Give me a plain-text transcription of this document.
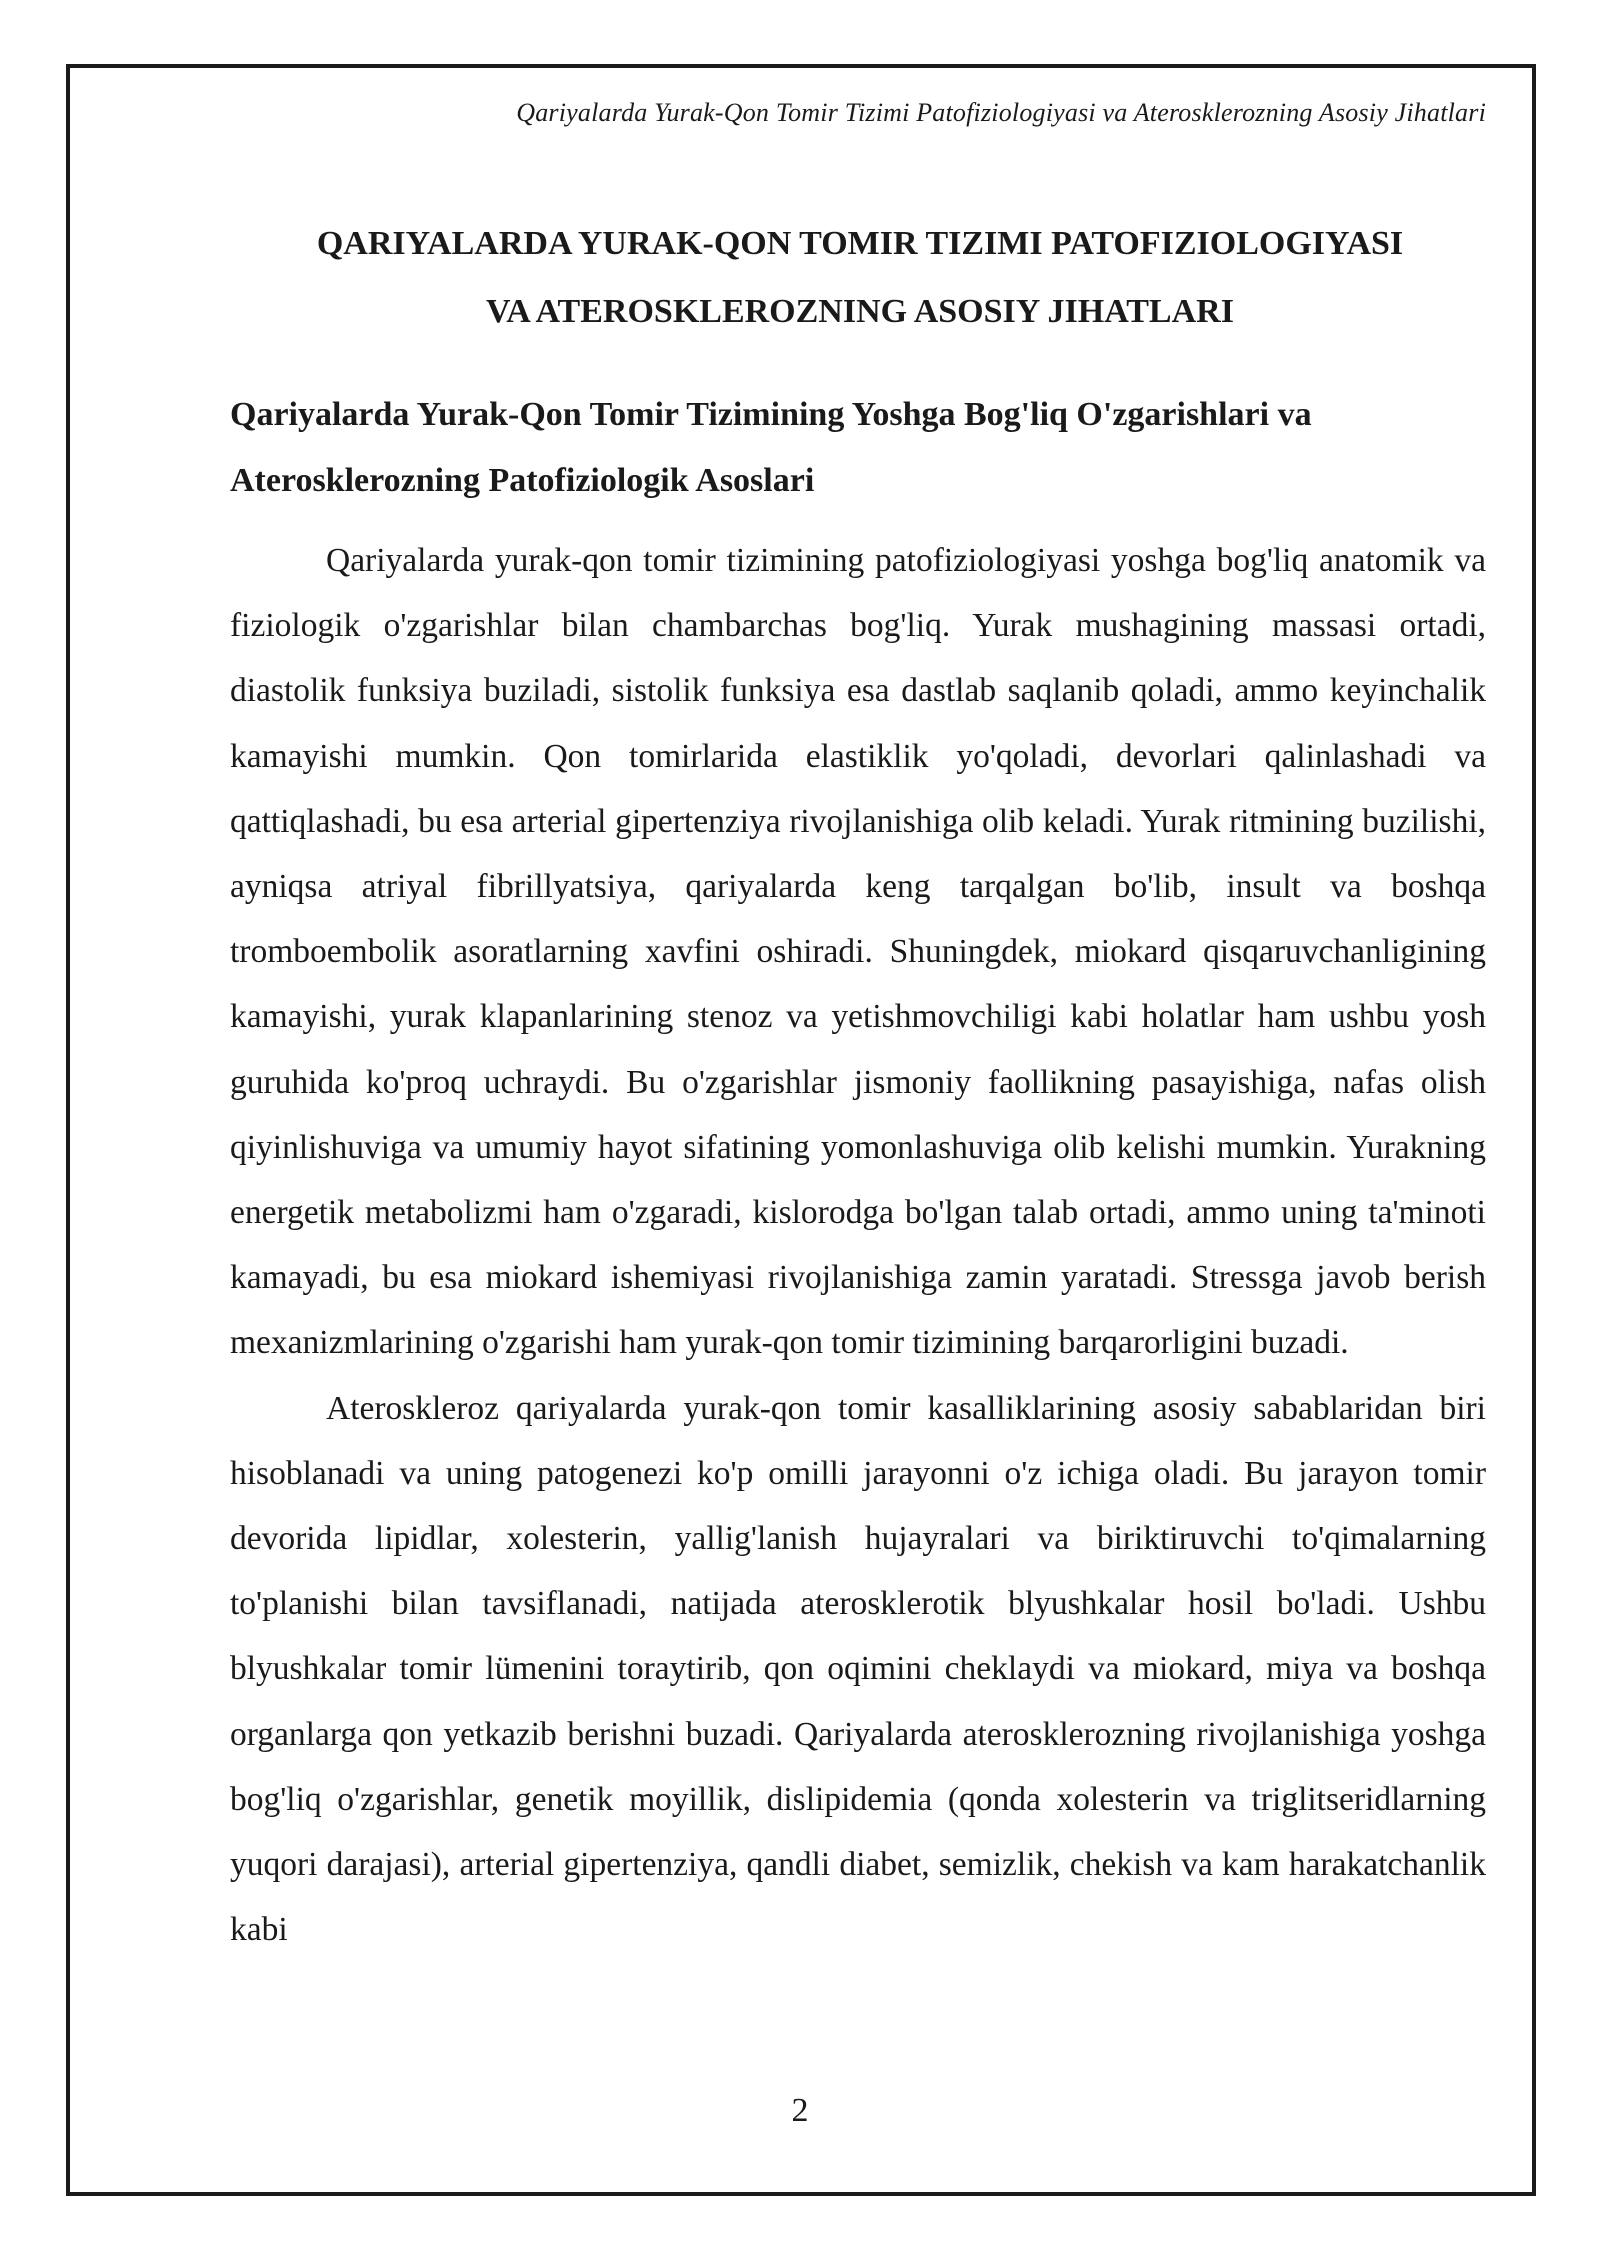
Qariyalarda Yurak-Qon Tomir Tizimi Patofiziologiyasi va Aterosklerozning Asosiy Jihatlari
QARIYALARDA YURAK-QON TOMIR TIZIMI PATOFIZIOLOGIYASI
VA ATEROSKLEROZNING ASOSIY JIHATLARI
Qariyalarda Yurak-Qon Tomir Tizimining Yoshga Bog'liq O'zgarishlari va Aterosklerozning Patofiziologik Asoslari

Qariyalarda yurak-qon tomir tizimining patofiziologiyasi yoshga bog'liq anatomik va fiziologik o'zgarishlar bilan chambarchas bog'liq. Yurak mushagining massasi ortadi, diastolik funksiya buziladi, sistolik funksiya esa dastlab saqlanib qoladi, ammo keyinchalik kamayishi mumkin. Qon tomirlarida elastiklik yo'qoladi, devorlari qalinlashadi va qattiqlashadi, bu esa arterial gipertenziya rivojlanishiga olib keladi. Yurak ritmining buzilishi, ayniqsa atriyal fibrillyatsiya, qariyalarda keng tarqalgan bo'lib, insult va boshqa tromboembolik asoratlarning xavfini oshiradi. Shuningdek, miokard qisqaruvchanligining kamayishi, yurak klapanlarining stenoz va yetishmovchiligi kabi holatlar ham ushbu yosh guruhida ko'proq uchraydi. Bu o'zgarishlar jismoniy faollikning pasayishiga, nafas olish qiyinlishuviga va umumiy hayot sifatining yomonlashuviga olib kelishi mumkin. Yurakning energetik metabolizmi ham o'zgaradi, kislorodga bo'lgan talab ortadi, ammo uning ta'minoti kamayadi, bu esa miokard ishemiyasi rivojlanishiga zamin yaratadi. Stressga javob berish mexanizmlarining o'zgarishi ham yurak-qon tomir tizimining barqarorligini buzadi.

Ateroskleroz qariyalarda yurak-qon tomir kasalliklarining asosiy sabablaridan biri hisoblanadi va uning patogenezi ko'p omilli jarayonni o'z ichiga oladi. Bu jarayon tomir devorida lipidlar, xolesterin, yallig'lanish hujayralari va biriktiruvchi to'qimalarning to'planishi bilan tavsiflanadi, natijada aterosklerotik blyushkalar hosil bo'ladi. Ushbu blyushkalar tomir lümenini toraytirib, qon oqimini cheklaydi va miokard, miya va boshqa organlarga qon yetkazib berishni buzadi. Qariyalarda aterosklerozning rivojlanishiga yoshga bog'liq o'zgarishlar, genetik moyillik, dislipidemia (qonda xolesterin va triglitseridlarning yuqori darajasi), arterial gipertenziya, qandli diabet, semizlik, chekish va kam harakatchanlik kabi

2
